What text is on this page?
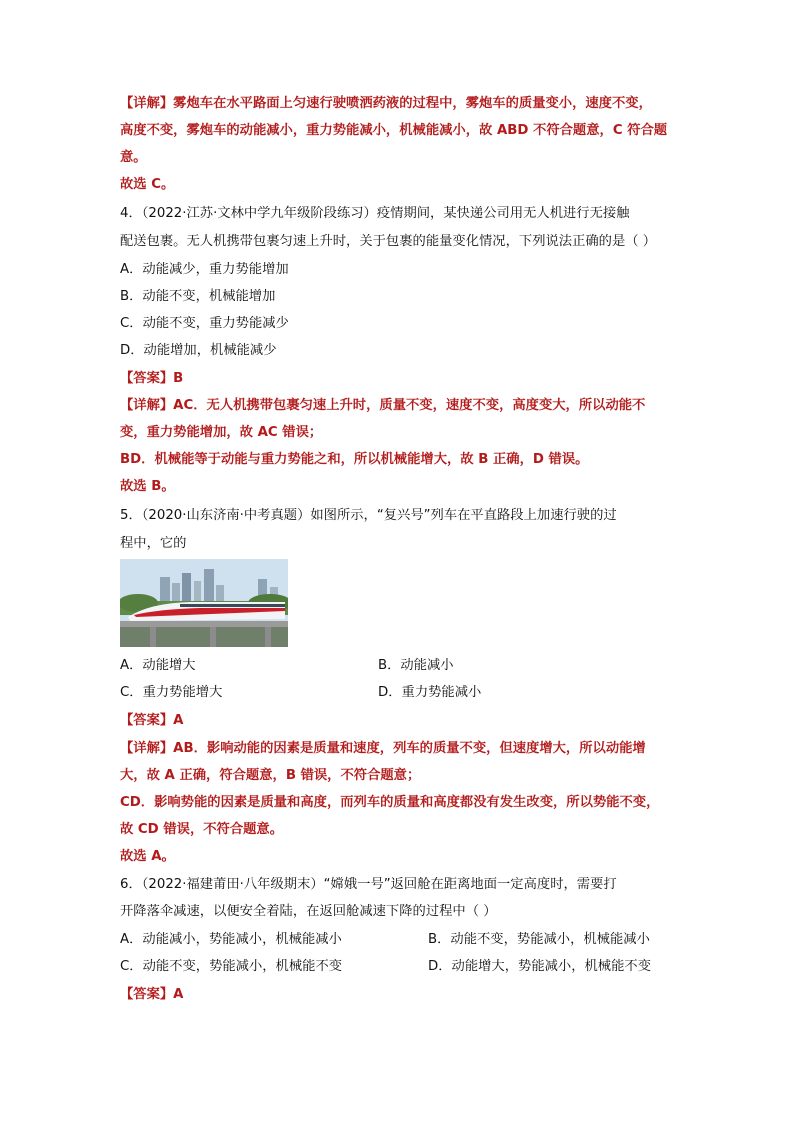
【详解】雾炮车在水平路面上匀速行驶喷洒药液的过程中，雾炮车的质量变小，速度不变，
高度不变，雾炮车的动能减小，重力势能减小，机械能减小，故 ABD 不符合题意，C 符合题
意。
故选 C。
4．（2022·江苏·文林中学九年级阶段练习）疫情期间，某快递公司用无人机进行无接触
配送包裹。无人机携带包裹匀速上升时，关于包裹的能量变化情况，下列说法正确的是（ ）
A．动能减少，重力势能增加
B．动能不变，机械能增加
C．动能不变，重力势能减少
D．动能增加，机械能减少
【答案】B
【详解】AC．无人机携带包裹匀速上升时，质量不变，速度不变，高度变大，所以动能不
变，重力势能增加，故 AC 错误；
BD．机械能等于动能与重力势能之和，所以机械能增大，故 B 正确，D 错误。
故选 B。
5．（2020·山东济南·中考真题）如图所示，“复兴号”列车在平直路段上加速行驶的过
程中，它的
A．动能增大	B．动能减小
C．重力势能增大	D．重力势能减小
【答案】A
【详解】AB．影响动能的因素是质量和速度，列车的质量不变，但速度增大，所以动能增
大，故 A 正确，符合题意，B 错误，不符合题意；
CD．影响势能的因素是质量和高度，而列车的质量和高度都没有发生改变，所以势能不变，
故 CD 错误，不符合题意。
故选 A。
6．（2022·福建莆田·八年级期末）“嫦娥一号”返回舱在距离地面一定高度时，需要打
开降落伞减速，以便安全着陆，在返回舱减速下降的过程中（ ）
A．动能减小，势能减小，机械能减小	B．动能不变，势能减小，机械能减小
C．动能不变，势能减小，机械能不变	D．动能增大，势能减小，机械能不变
【答案】A
